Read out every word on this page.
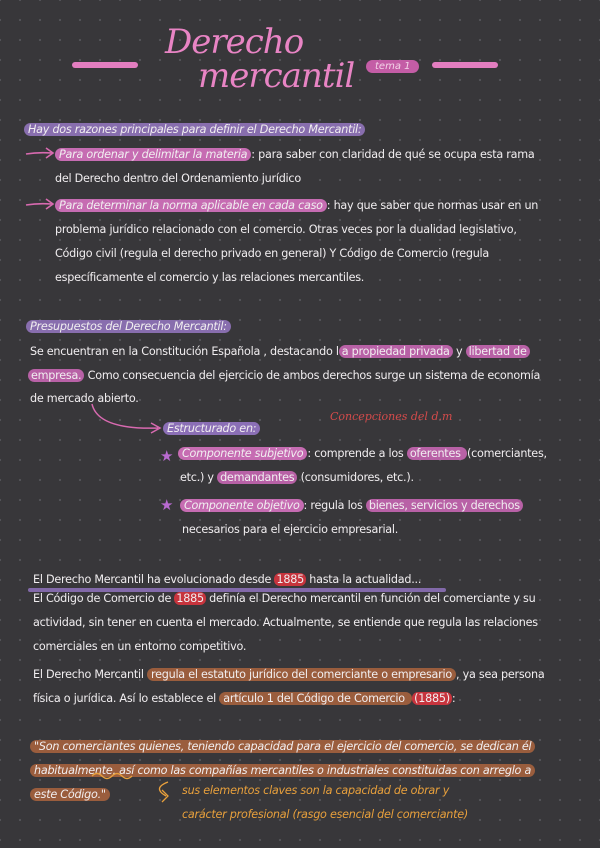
Derecho
mercantil	tema 1
Hay dos razones principales para definir el Derecho Mercantil:
Para ordenar y delimitar la materia : para saber con claridad de qué se ocupa esta rama
del Derecho dentro del Ordenamiento jurídico
Para determinar la norma aplicable en cada caso : hay que saber que normas usar en un
problema jurídico relacionado con el comercio. Otras veces por la dualidad legislativo,
Código civil (regula el derecho privado en general) Y Código de Comercio (regula
específicamente el comercio y las relaciones mercantiles.
Presupuestos del Derecho Mercantil:
Se encuentran en la Constitución Española , destacando l a propiedad privada y libertad de
empresa. Como consecuencia del ejercicio de ambos derechos surge un sistema de economía
de mercado abierto.
Concepciones del d.m
Estructurado en:
★ Componente subjetivo : comprende a los oferentes (comerciantes,
etc.) y demandantes (consumidores, etc.).
★ Componente objetivo : regula los bienes, servicios y derechos
necesarios para el ejercicio empresarial.
El Derecho Mercantil ha evolucionado desde 1885 hasta la actualidad...
El Código de Comercio de 1885 definía el Derecho mercantil en función del comerciante y su
actividad, sin tener en cuenta el mercado. Actualmente, se entiende que regula las relaciones
comerciales en un entorno competitivo.
El Derecho Mercantil regula el estatuto jurídico del comerciante o empresario , ya sea persona
física o jurídica. Así lo establece el artículo 1 del Código de Comercio (1885) :
"Son comerciantes quienes, teniendo capacidad para el ejercicio del comercio, se dedican él
habitualmente, así como las compañías mercantiles o industriales constituidas con arreglo a
este Código."	sus elementos claves son la capacidad de obrar y
carácter profesional (rasgo esencial del comerciante)
